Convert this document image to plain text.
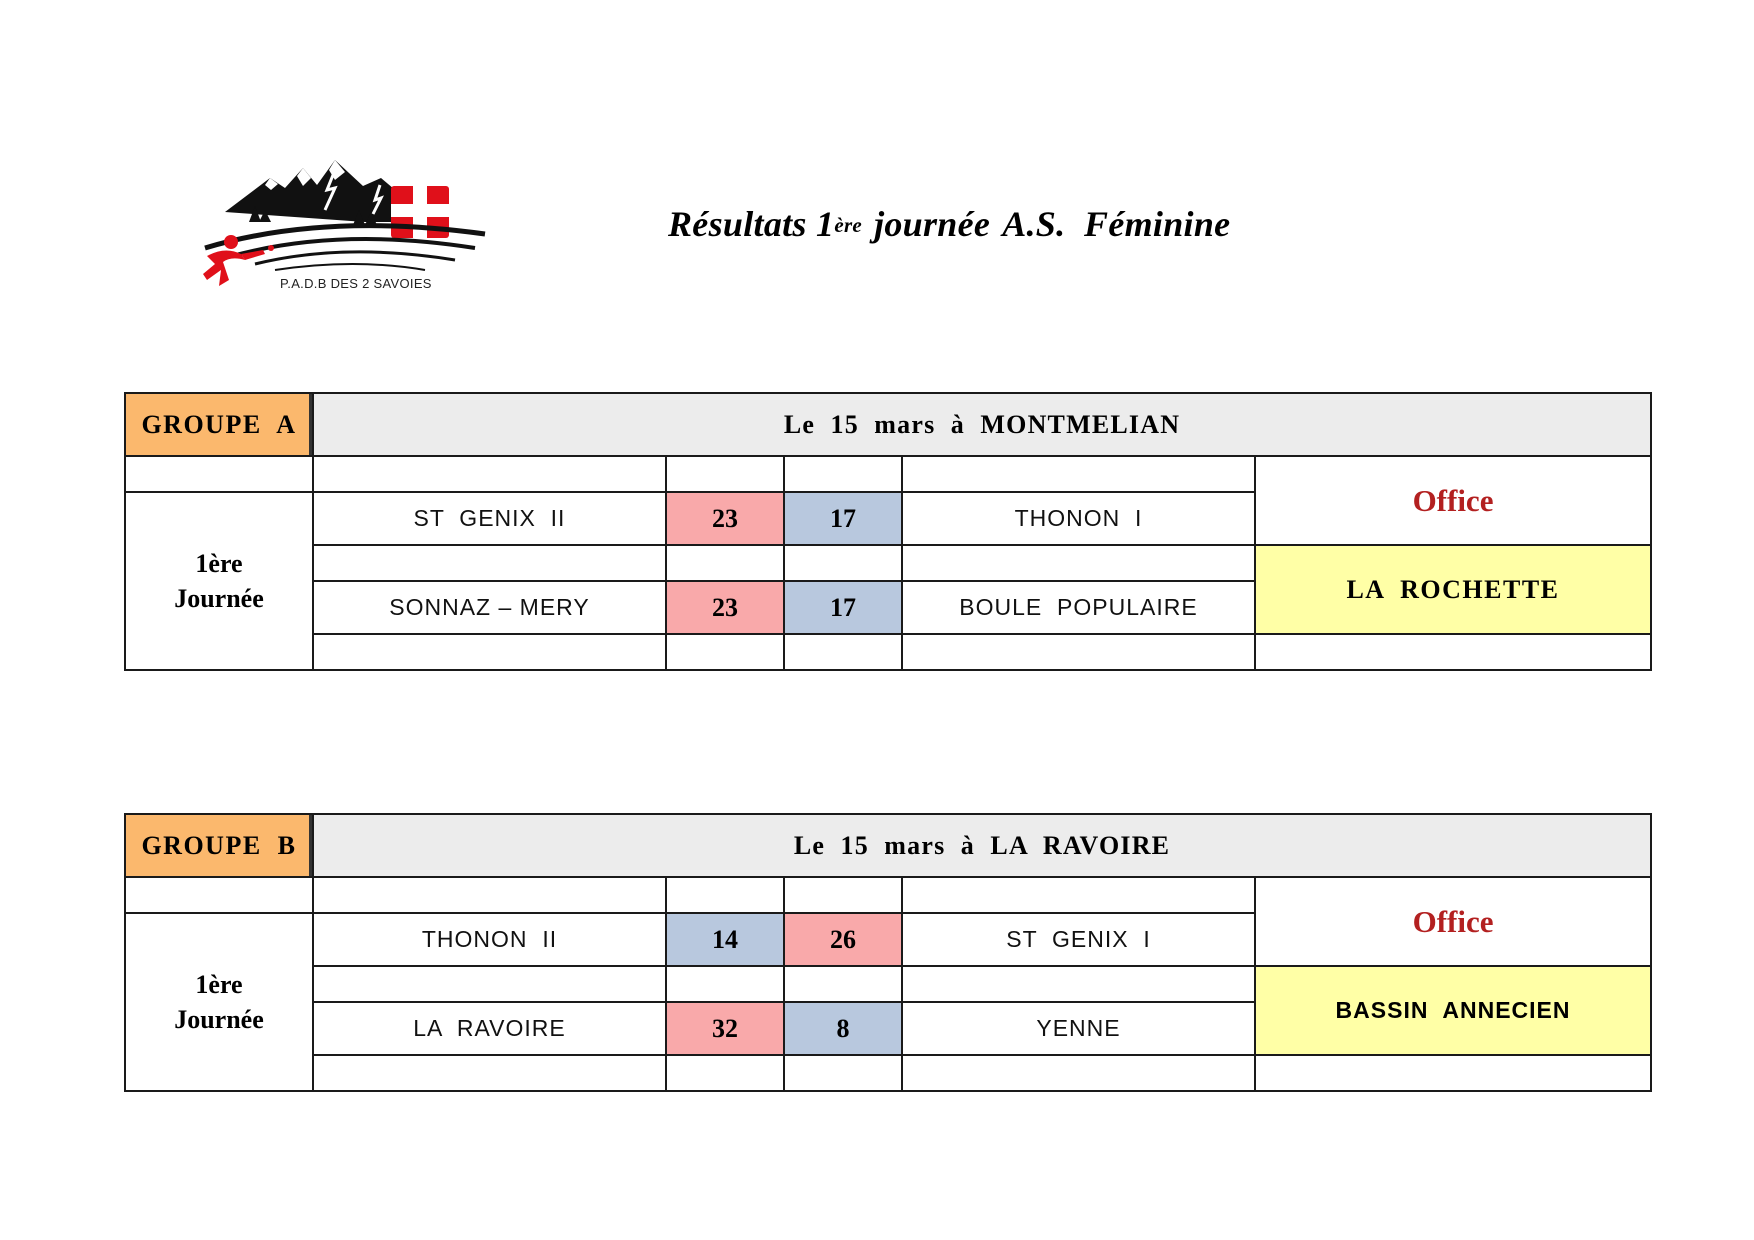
P.A.D.B DES 2 SAVOIES
Résultats 1ère journée A.S.  Féminine
GROUPE  A	Le  15  mars  à  MONTMELIAN				
					Office

1ère
Journée	ST  GENIX  II	23	17	THONON  I	
					LA  ROCHETTE
	SONNAZ – MERY	23	17	BOULE  POPULAIRE	

GROUPE  B	Le  15  mars  à  LA  RAVOIRE				
					Office

1ère
Journée	THONON  II	14	26	ST  GENIX  I	
					BASSIN  ANNECIEN
	LA  RAVOIRE	32	8	YENNE	
